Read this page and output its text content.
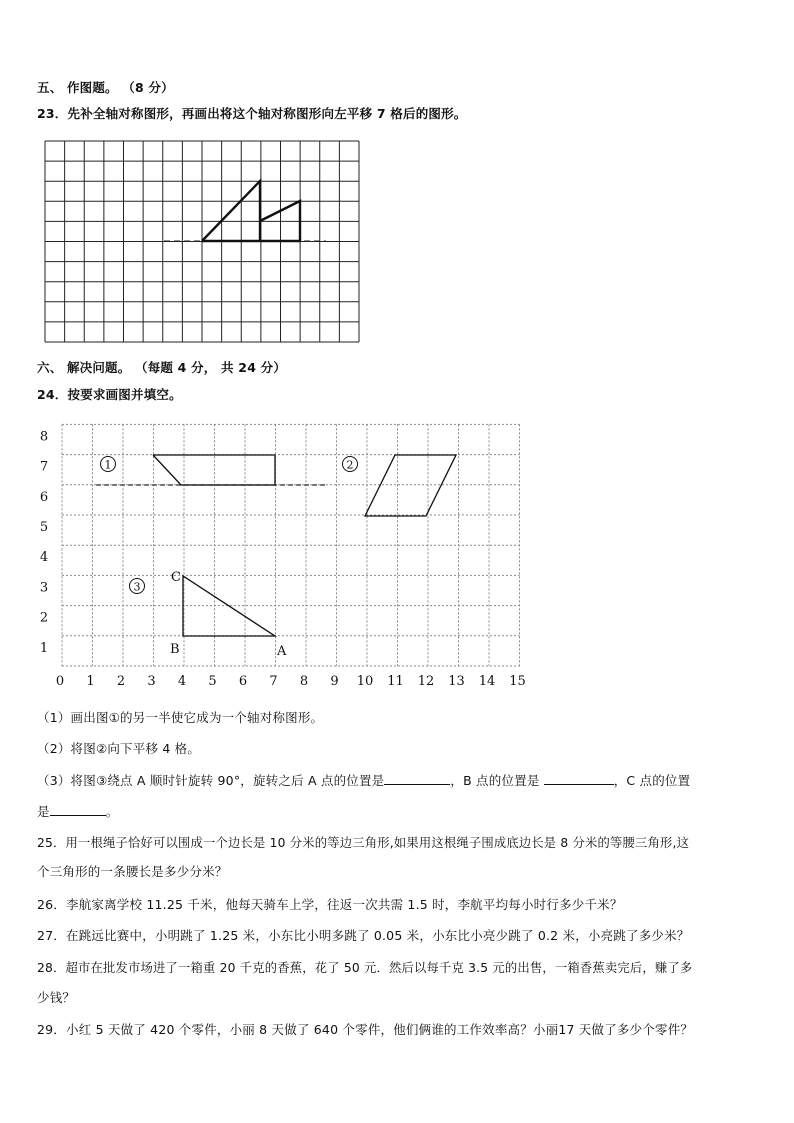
五、 作图题。 （8 分）
23．先补全轴对称图形，再画出将这个轴对称图形向左平移 7 格后的图形。
六、 解决问题。 （每题 4 分， 共 24 分）
24．按要求画图并填空。
0 1 2 3 4 5 6 7 8 9 10 11 12 13 14 15
1
2
3
4
5
6
7
8
1	2
3
C
B	A
（1）画出图①的另一半使它成为一个轴对称图形。
（2）将图②向下平移 4 格。
（3）将图③绕点 A 顺时针旋转 90°，旋转之后 A 点的位置是	，B 点的位置是	，C 点的位置
是	。
25．用一根绳子恰好可以围成一个边长是 10 分米的等边三角形,如果用这根绳子围成底边长是 8 分米的等腰三角形,这
个三角形的一条腰长是多少分米？
26．李航家离学校 11.25 千米，他每天骑车上学，往返一次共需 1.5 时，李航平均每小时行多少千米？
27．在跳远比赛中，小明跳了 1.25 米，小东比小明多跳了 0.05 米，小东比小亮少跳了 0.2 米，小亮跳了多少米？
28．超市在批发市场进了一箱重 20 千克的香蕉，花了 50 元．然后以每千克 3.5 元的出售，一箱香蕉卖完后，赚了多
少钱？
29．小红 5 天做了 420 个零件，小丽 8 天做了 640 个零件，他们俩谁的工作效率高？小丽17 天做了多少个零件？
